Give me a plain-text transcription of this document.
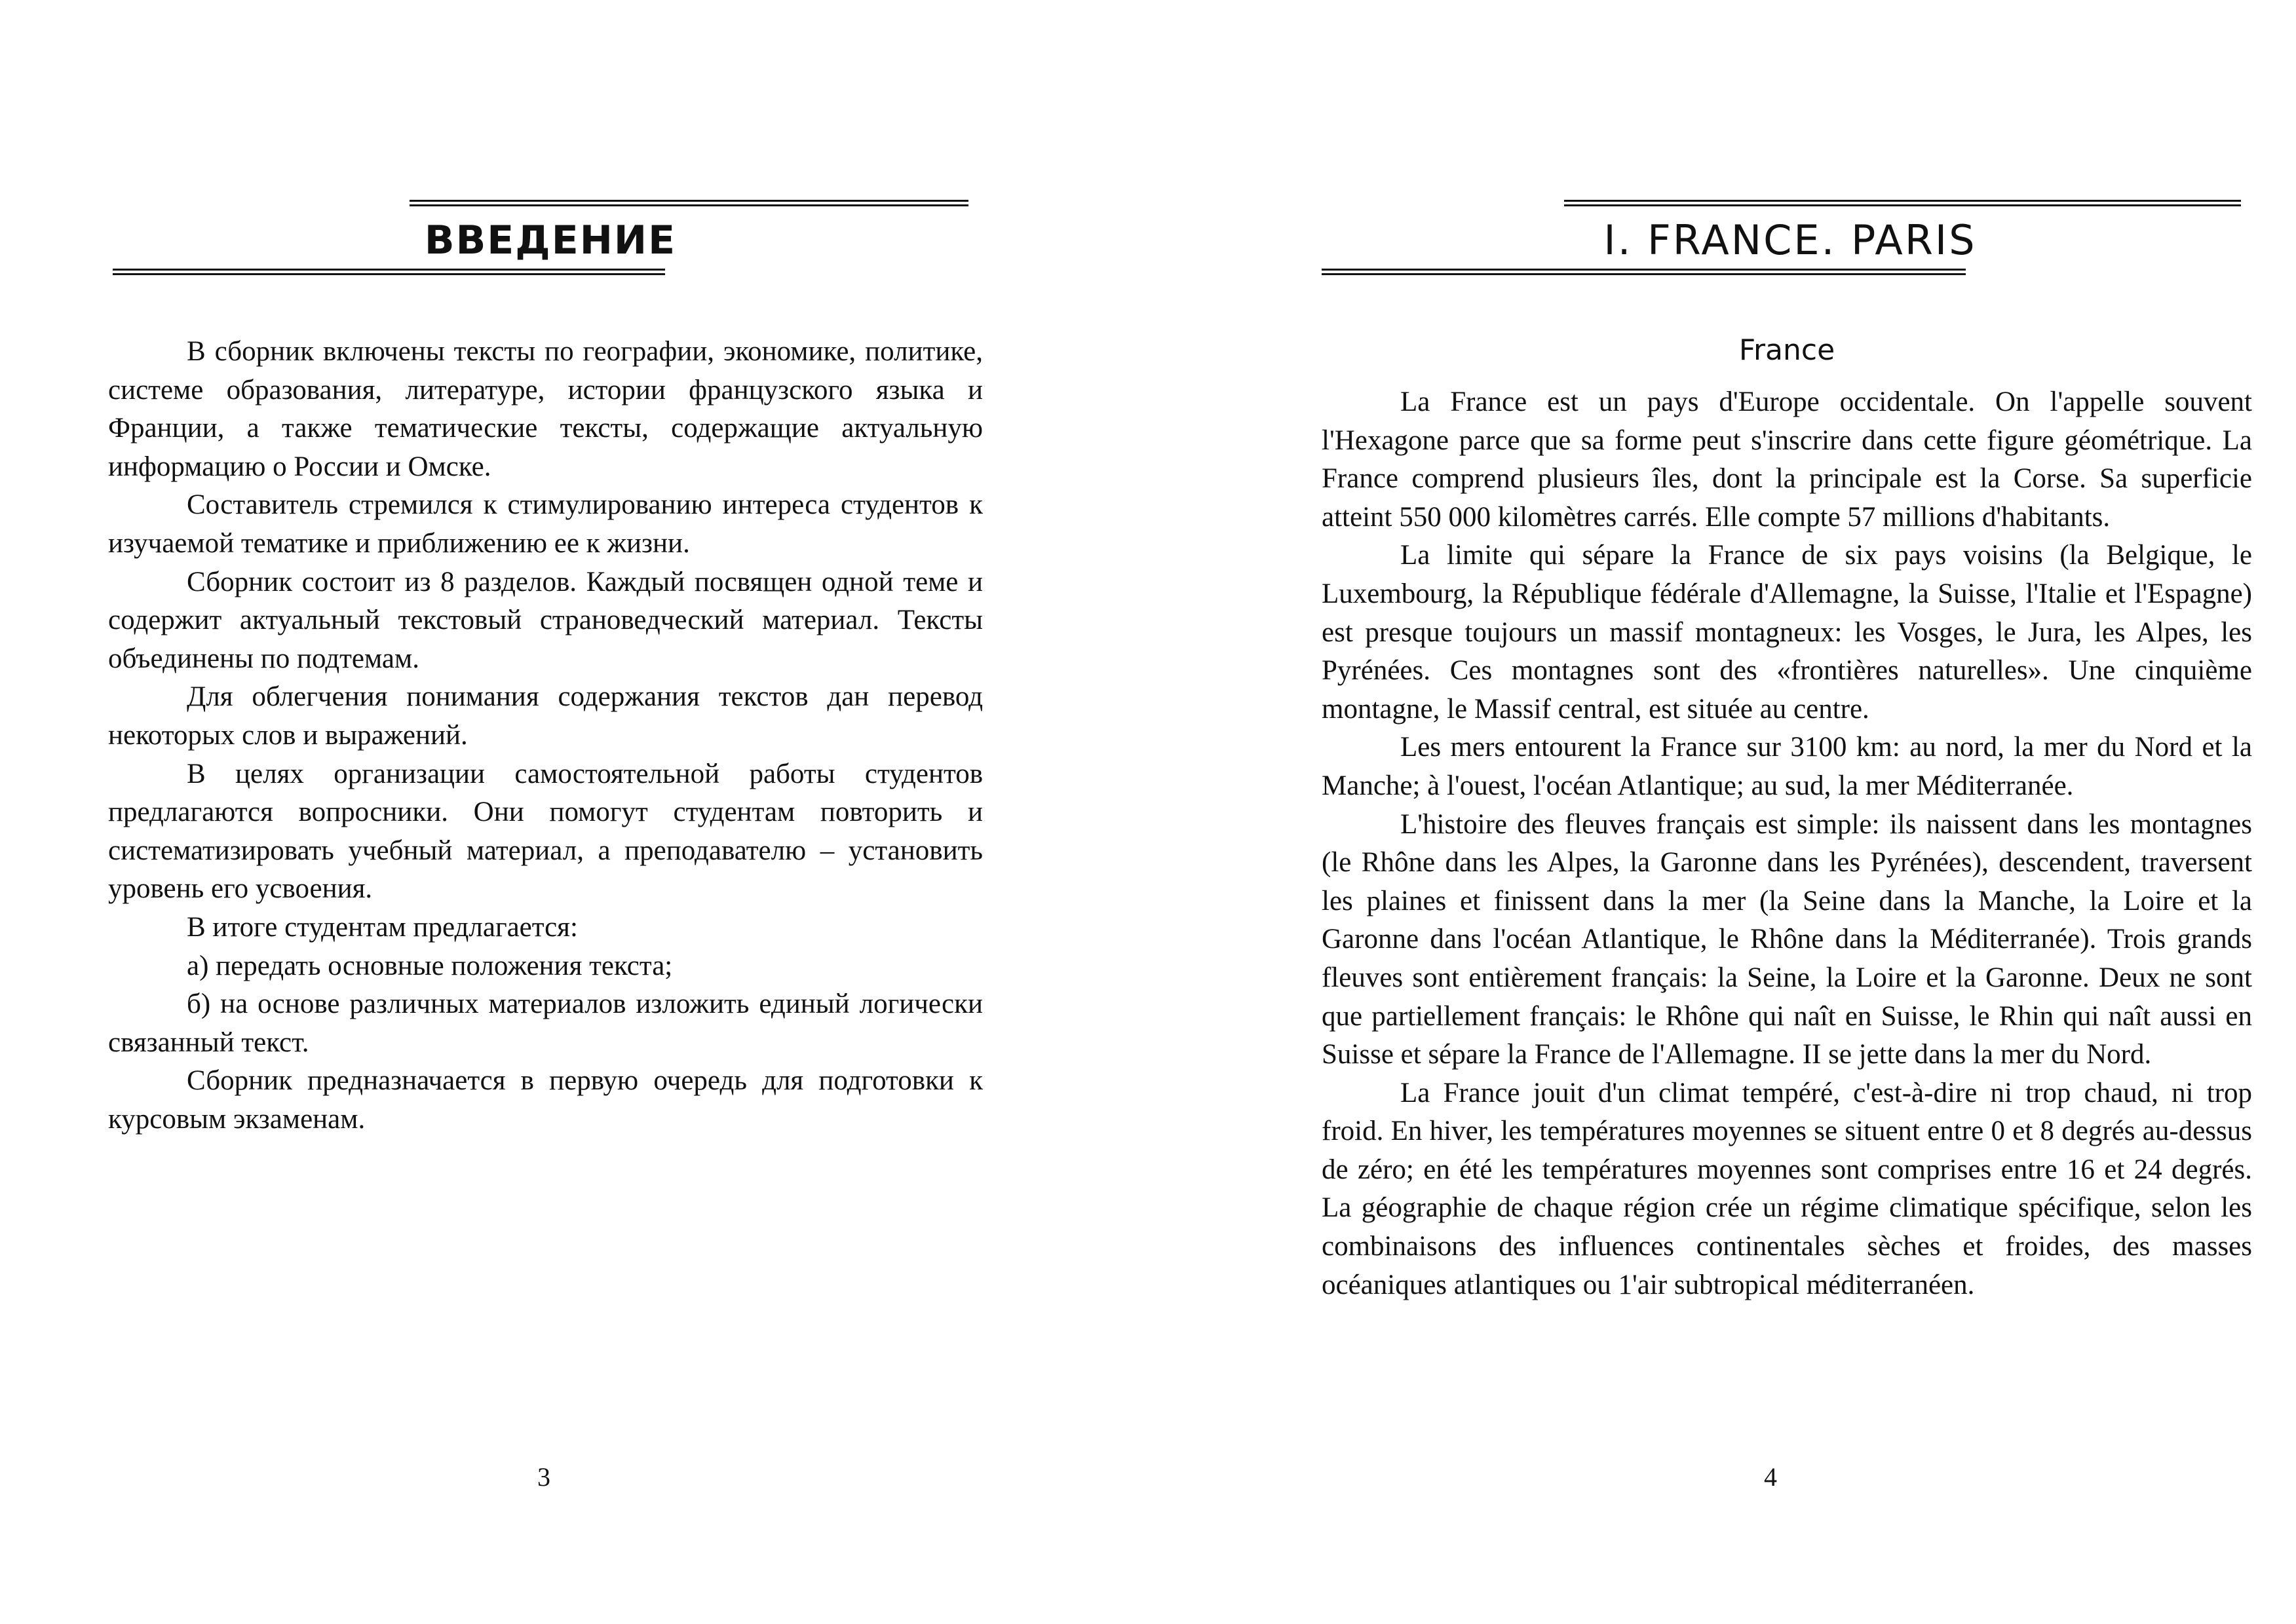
ВВЕДЕНИЕ

В сборник включены тексты по географии, экономике, политике, системе образования, литературе, истории французского языка и Франции, а также тематические тексты, содержащие актуальную информацию о России и Омске.

Составитель стремился к стимулированию интереса студентов к изучаемой тематике и приближению ее к жизни.

Сборник состоит из 8 разделов. Каждый посвящен одной теме и содержит актуальный текстовый страноведческий материал. Тексты объединены по подтемам.

Для облегчения понимания содержания текстов дан перевод некоторых слов и выражений.

В целях организации самостоятельной работы студентов предлагаются вопросники. Они помогут студентам повторить и систематизировать учебный материал, а преподавателю – установить уровень его усвоения.

В итоге студентам предлагается:

а) передать основные положения текста;

б) на основе различных материалов изложить единый логически связанный текст.

Сборник предназначается в первую очередь для подготовки к курсовым экзаменам.

3
I. FRANCE. PARIS
France

La France est un pays d'Europe occidentale. On l'appelle souvent l'Hexagone parce que sa forme peut s'inscrire dans cette figure géométrique. La France comprend plusieurs îles, dont la principale est la Corse. Sa superficie atteint 550 000 kilomètres carrés. Elle compte 57 millions d'habitants.

La limite qui sépare la France de six pays voisins (la Belgique, le Luxembourg, la République fédérale d'Allemagne, la Suisse, l'Italie et l'Espagne) est presque toujours un massif montagneux: les Vosges, le Jura, les Alpes, les Pyrénées. Ces montagnes sont des «frontières naturelles». Une cinquième montagne, le Massif central, est située au centre.

Les mers entourent la France sur 3100 km: au nord, la mer du Nord et la Manche; à l'ouest, l'océan Atlantique; au sud, la mer Méditerranée.

L'histoire des fleuves français est simple: ils naissent dans les montagnes (le Rhône dans les Alpes, la Garonne dans les Pyrénées), descendent, traversent les plaines et finissent dans la mer (la Seine dans la Manche, la Loire et la Garonne dans l'océan Atlantique, le Rhône dans la Méditerranée). Trois grands fleuves sont entièrement français: la Seine, la Loire et la Garonne. Deux ne sont que partiellement français: le Rhône qui naît en Suisse, le Rhin qui naît aussi en Suisse et sépare la France de l'Allemagne. II se jette dans la mer du Nord.

La France jouit d'un climat tempéré, c'est-à-dire ni trop chaud, ni trop froid. En hiver, les températures moyennes se situent entre 0 et 8 degrés au-dessus de zéro; en été les températures moyennes sont comprises entre 16 et 24 degrés. La géographie de chaque région crée un régime climatique spécifique, selon les combinaisons des influences continentales sèches et froides, des masses océaniques atlantiques ou 1'air subtropical méditerranéen.

4
